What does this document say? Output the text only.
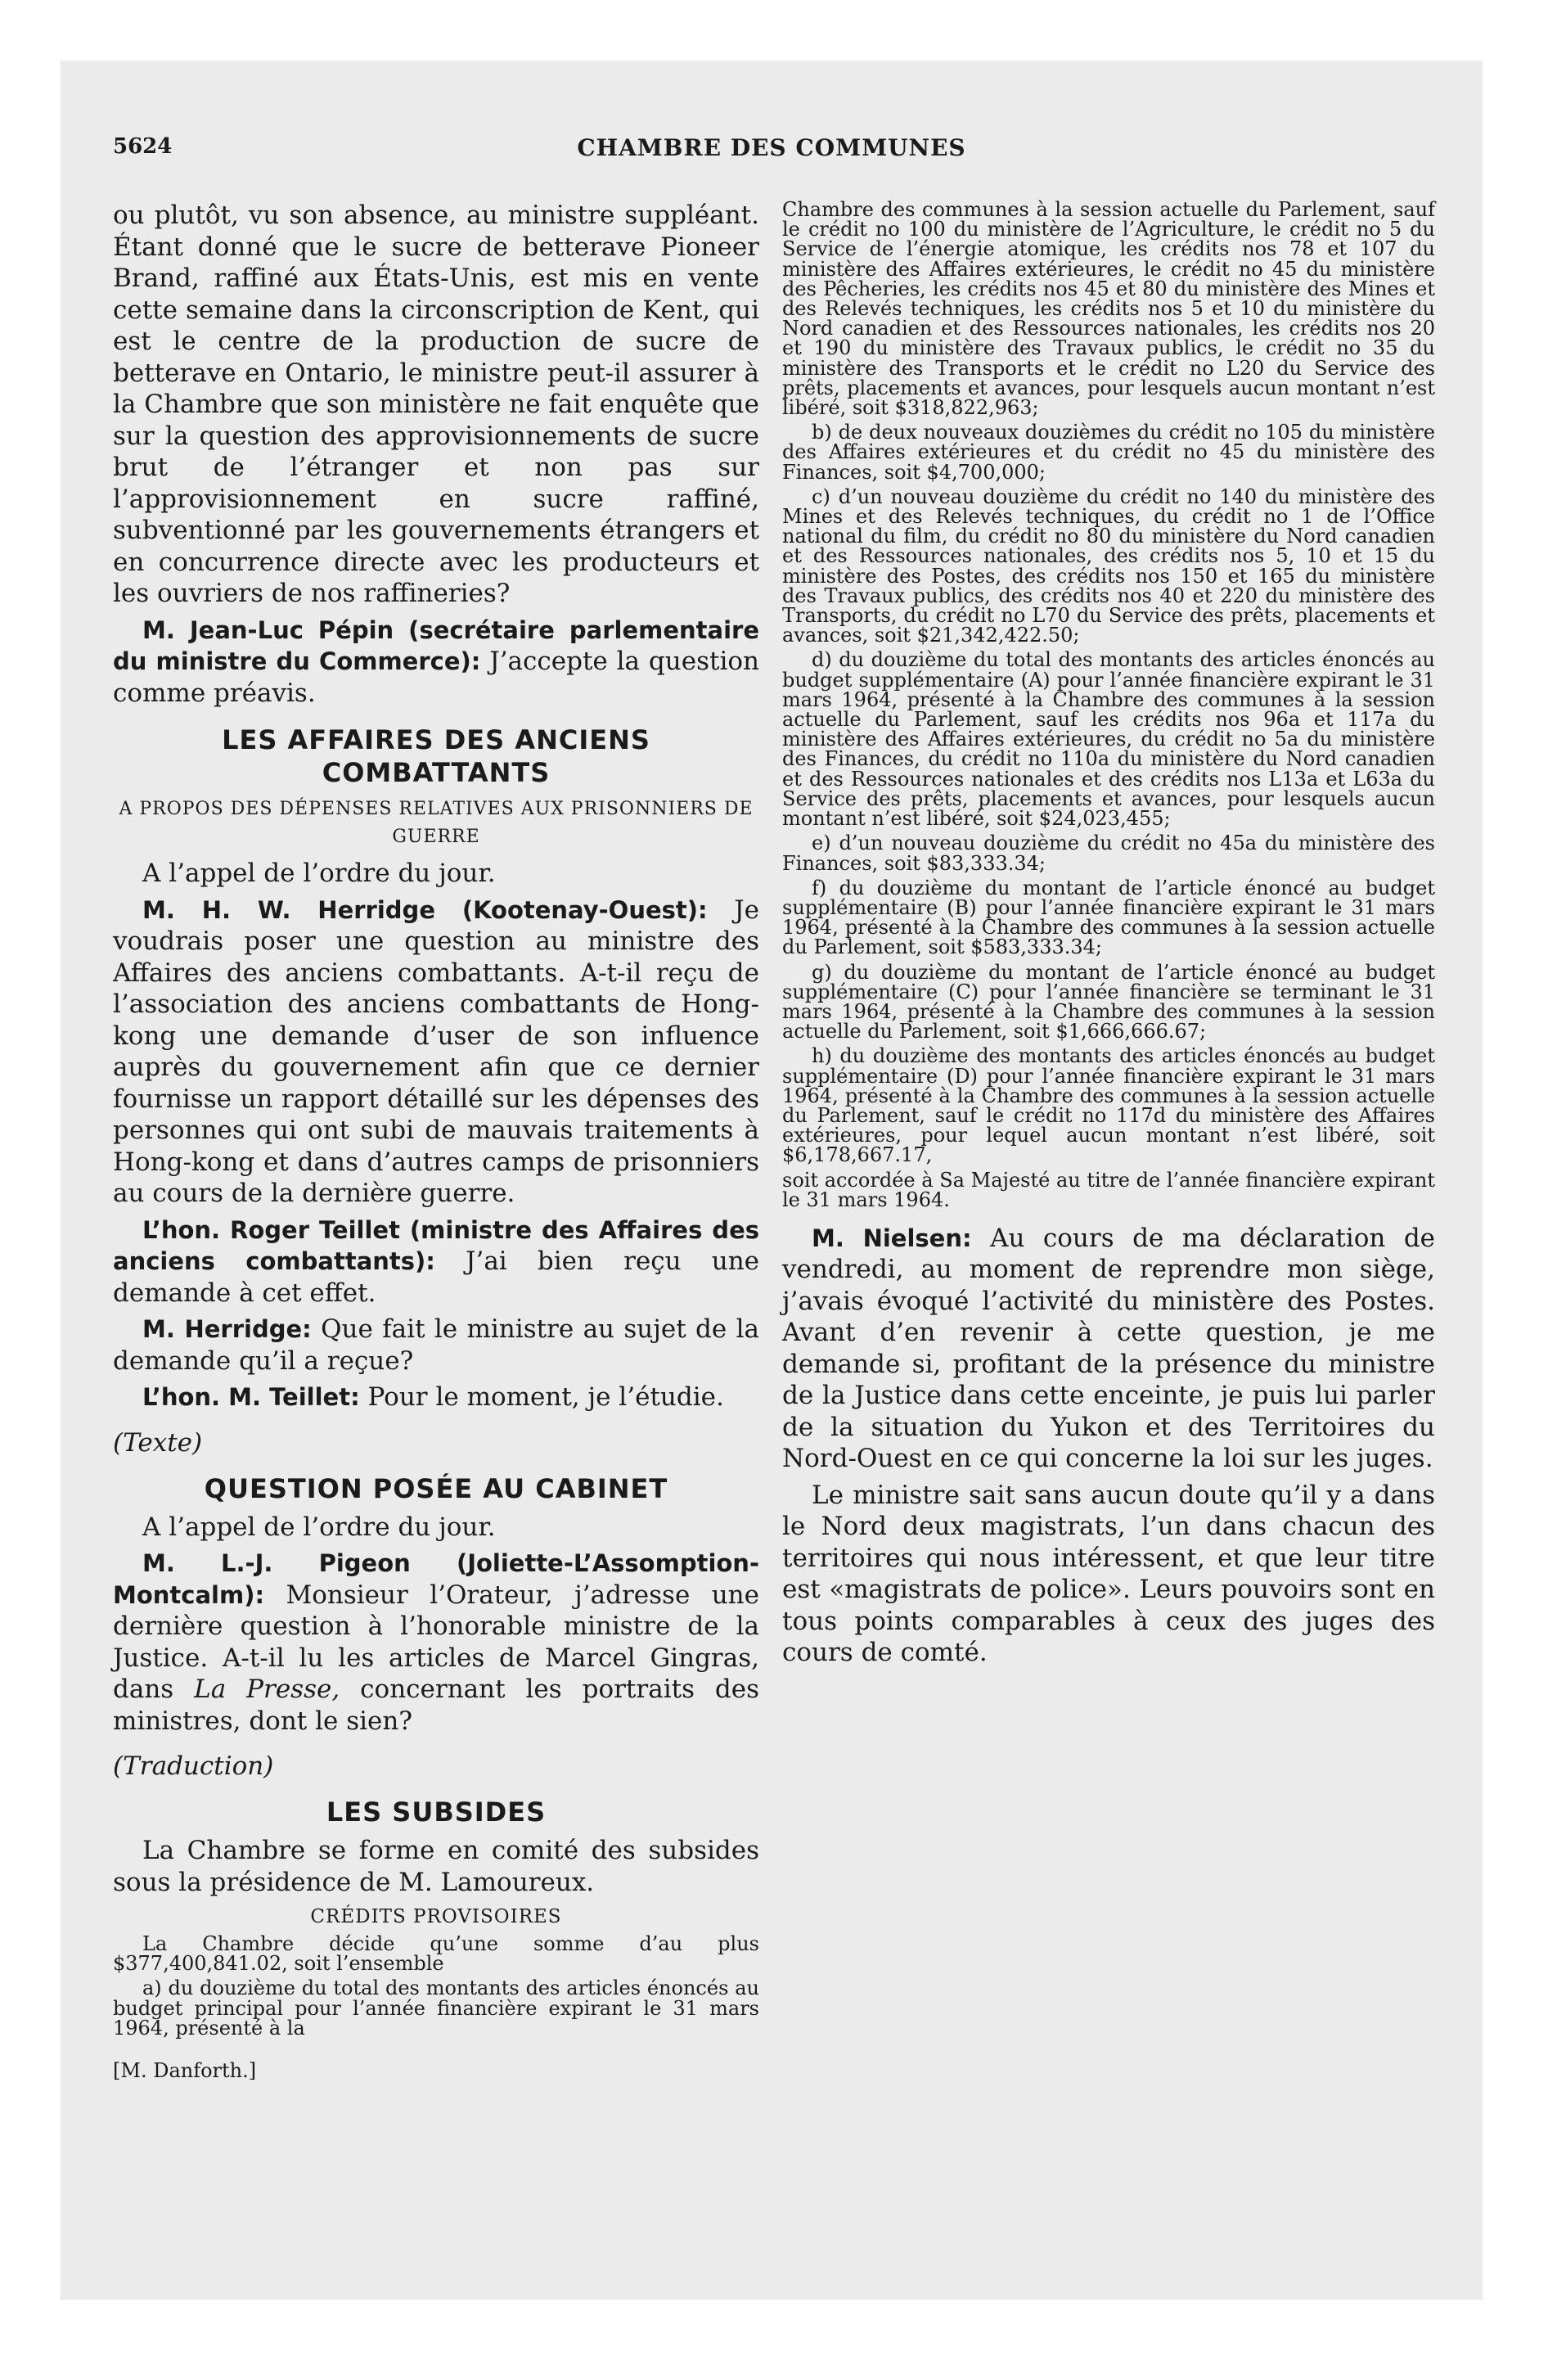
CHAMBRE DES COMMUNES
5624

ou plutôt, vu son absence, au ministre suppléant. Étant donné que le sucre de betterave Pioneer Brand, raffiné aux États-Unis, est mis en vente cette semaine dans la circonscription de Kent, qui est le centre de la production de sucre de betterave en Ontario, le ministre peut-il assurer à la Chambre que son ministère ne fait enquête que sur la question des approvisionnements de sucre brut de l’étranger et non pas sur l’approvisionnement en sucre raffiné, subventionné par les gouvernements étrangers et en concurrence directe avec les producteurs et les ouvriers de nos raffineries?

M. Jean-Luc Pépin (secrétaire parlementaire du ministre du Commerce): J’accepte la question comme préavis.

LES AFFAIRES DES ANCIENS COMBATTANTS
A PROPOS DES DÉPENSES RELATIVES AUX PRISONNIERS DE GUERRE

A l’appel de l’ordre du jour.

M. H. W. Herridge (Kootenay-Ouest): Je voudrais poser une question au ministre des Affaires des anciens combattants. A-t-il reçu de l’association des anciens combattants de Hong-kong une demande d’user de son influence auprès du gouvernement afin que ce dernier fournisse un rapport détaillé sur les dépenses des personnes qui ont subi de mauvais traitements à Hong-kong et dans d’autres camps de prisonniers au cours de la dernière guerre.

L’hon. Roger Teillet (ministre des Affaires des anciens combattants): J’ai bien reçu une demande à cet effet.

M. Herridge: Que fait le ministre au sujet de la demande qu’il a reçue?

L’hon. M. Teillet: Pour le moment, je l’étudie.

(Texte)
QUESTION POSÉE AU CABINET

A l’appel de l’ordre du jour.

M. L.-J. Pigeon (Joliette-L’Assomption-Montcalm): Monsieur l’Orateur, j’adresse une dernière question à l’honorable ministre de la Justice. A-t-il lu les articles de Marcel Gingras, dans La Presse, concernant les portraits des ministres, dont le sien?

(Traduction)
LES SUBSIDES

La Chambre se forme en comité des subsides sous la présidence de M. Lamoureux.

CRÉDITS PROVISOIRES

La Chambre décide qu’une somme d’au plus $377,400,841.02, soit l’ensemble

a) du douzième du total des montants des articles énoncés au budget principal pour l’année financière expirant le 31 mars 1964, présenté à la

[M. Danforth.]

Chambre des communes à la session actuelle du Parlement, sauf le crédit no 100 du ministère de l’Agriculture, le crédit no 5 du Service de l’énergie atomique, les crédits nos 78 et 107 du ministère des Affaires extérieures, le crédit no 45 du ministère des Pêcheries, les crédits nos 45 et 80 du ministère des Mines et des Relevés techniques, les crédits nos 5 et 10 du ministère du Nord canadien et des Ressources nationales, les crédits nos 20 et 190 du ministère des Travaux publics, le crédit no 35 du ministère des Transports et le crédit no L20 du Service des prêts, placements et avances, pour lesquels aucun montant n’est libéré, soit $318,822,963;

b) de deux nouveaux douzièmes du crédit no 105 du ministère des Affaires extérieures et du crédit no 45 du ministère des Finances, soit $4,700,000;

c) d’un nouveau douzième du crédit no 140 du ministère des Mines et des Relevés techniques, du crédit no 1 de l’Office national du film, du crédit no 80 du ministère du Nord canadien et des Ressources nationales, des crédits nos 5, 10 et 15 du ministère des Postes, des crédits nos 150 et 165 du ministère des Travaux publics, des crédits nos 40 et 220 du ministère des Transports, du crédit no L70 du Service des prêts, placements et avances, soit $21,342,422.50;

d) du douzième du total des montants des articles énoncés au budget supplémentaire (A) pour l’année financière expirant le 31 mars 1964, présenté à la Chambre des communes à la session actuelle du Parlement, sauf les crédits nos 96a et 117a du ministère des Affaires extérieures, du crédit no 5a du ministère des Finances, du crédit no 110a du ministère du Nord canadien et des Ressources nationales et des crédits nos L13a et L63a du Service des prêts, placements et avances, pour lesquels aucun montant n’est libéré, soit $24,023,455;

e) d’un nouveau douzième du crédit no 45a du ministère des Finances, soit $83,333.34;

f) du douzième du montant de l’article énoncé au budget supplémentaire (B) pour l’année financière expirant le 31 mars 1964, présenté à la Chambre des communes à la session actuelle du Parlement, soit $583,333.34;

g) du douzième du montant de l’article énoncé au budget supplémentaire (C) pour l’année financière se terminant le 31 mars 1964, présenté à la Chambre des communes à la session actuelle du Parlement, soit $1,666,666.67;

h) du douzième des montants des articles énoncés au budget supplémentaire (D) pour l’année financière expirant le 31 mars 1964, présenté à la Chambre des communes à la session actuelle du Parlement, sauf le crédit no 117d du ministère des Affaires extérieures, pour lequel aucun montant n’est libéré, soit $6,178,667.17,

soit accordée à Sa Majesté au titre de l’année financière expirant le 31 mars 1964.

M. Nielsen: Au cours de ma déclaration de vendredi, au moment de reprendre mon siège, j’avais évoqué l’activité du ministère des Postes. Avant d’en revenir à cette question, je me demande si, profitant de la présence du ministre de la Justice dans cette enceinte, je puis lui parler de la situation du Yukon et des Territoires du Nord-Ouest en ce qui concerne la loi sur les juges.

Le ministre sait sans aucun doute qu’il y a dans le Nord deux magistrats, l’un dans chacun des territoires qui nous intéressent, et que leur titre est «magistrats de police». Leurs pouvoirs sont en tous points comparables à ceux des juges des cours de comté.
